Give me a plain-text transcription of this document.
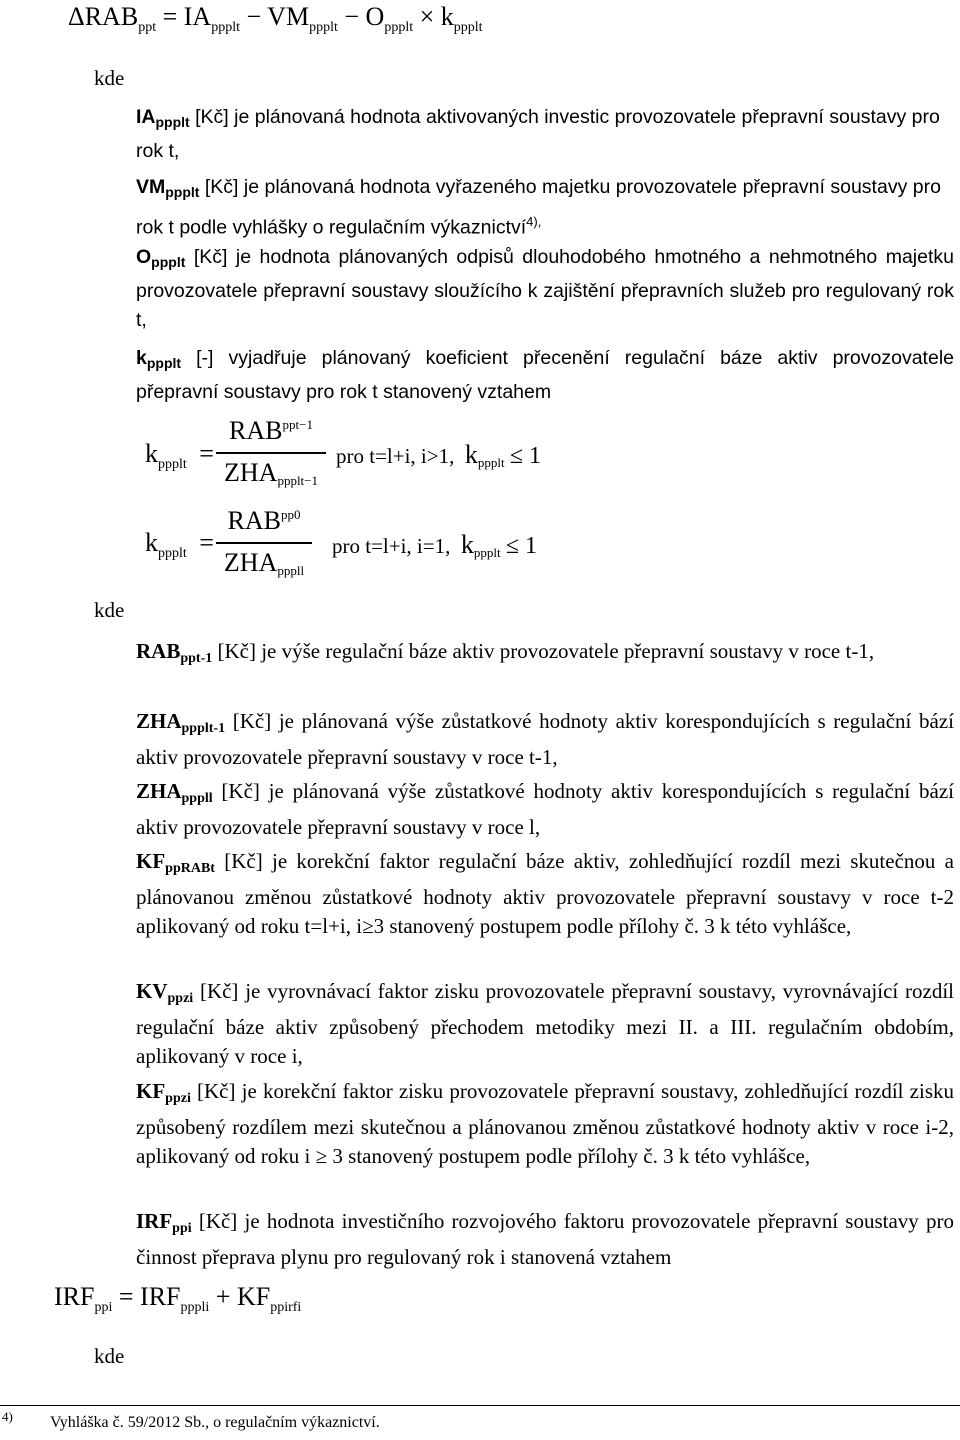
$\Delta RAB_{ppt} = IA_{ppplt} - VM_{ppplt} - O_{ppplt} \times k_{ppplt}$
kde
$IA_{ppplt}$ [Kč] je plánovaná hodnota aktivovaných investic provozovatele přepravní soustavy pro rok t,
$VM_{ppplt}$ [Kč] je plánovaná hodnota vyřazeného majetku provozovatele přepravní soustavy pro rok t podle vyhlášky o regulačním výkaznictví$^{4),}$
$O_{ppplt}$ [Kč] je hodnota plánovaných odpisů dlouhodobého hmotného a nehmotného majetku provozovatele přepravní soustavy sloužícího k zajištění přepravních služeb pro regulovaný rok t,
$k_{ppplt}$ [-] vyjadřuje plánovaný koeficient přecenění regulační báze aktiv provozovatele přepravní soustavy pro rok t stanovený vztahem
$k_{ppplt}$ =
$RAB^{ppt-1}$
$ZHA_{ppplt-1}$
pro t=l+i, i>1, $k_{ppplt} \le 1$
$k_{ppplt}$ =
$RAB^{pp0}$
$ZHA_{pppll}$
pro t=l+i, i=1, $k_{ppplt} \le 1$
kde
$RAB_{ppt-1}$ [Kč] je výše regulační báze aktiv provozovatele přepravní soustavy v roce t-1,
$ZHA_{ppplt-1}$ [Kč] je plánovaná výše zůstatkové hodnoty aktiv korespondujících s regulační bází aktiv provozovatele přepravní soustavy v roce t-1,
$ZHA_{pppll}$ [Kč] je plánovaná výše zůstatkové hodnoty aktiv korespondujících s regulační bází aktiv provozovatele přepravní soustavy v roce l,
$KF_{ppRABt}$ [Kč] je korekční faktor regulační báze aktiv, zohledňující rozdíl mezi skutečnou a plánovanou změnou zůstatkové hodnoty aktiv provozovatele přepravní soustavy v roce t-2 aplikovaný od roku t=l+i, i≥3 stanovený postupem podle přílohy č. 3 k této vyhlášce,
$KV_{ppzi}$ [Kč] je vyrovnávací faktor zisku provozovatele přepravní soustavy, vyrovnávající rozdíl regulační báze aktiv způsobený přechodem metodiky mezi II. a III. regulačním obdobím, aplikovaný v roce i,
$KF_{ppzi}$ [Kč] je korekční faktor zisku provozovatele přepravní soustavy, zohledňující rozdíl zisku způsobený rozdílem mezi skutečnou a plánovanou změnou zůstatkové hodnoty aktiv v roce i-2, aplikovaný od roku i ≥ 3 stanovený postupem podle přílohy č. 3 k této vyhlášce,
$IRF_{ppi}$ [Kč] je hodnota investičního rozvojového faktoru provozovatele přepravní soustavy pro činnost přeprava plynu pro regulovaný rok i stanovená vztahem
$IRF_{ppi} = IRF_{pppli} + KF_{ppirfi}$
kde
4) Vyhláška č. 59/2012 Sb., o regulačním výkaznictví.
